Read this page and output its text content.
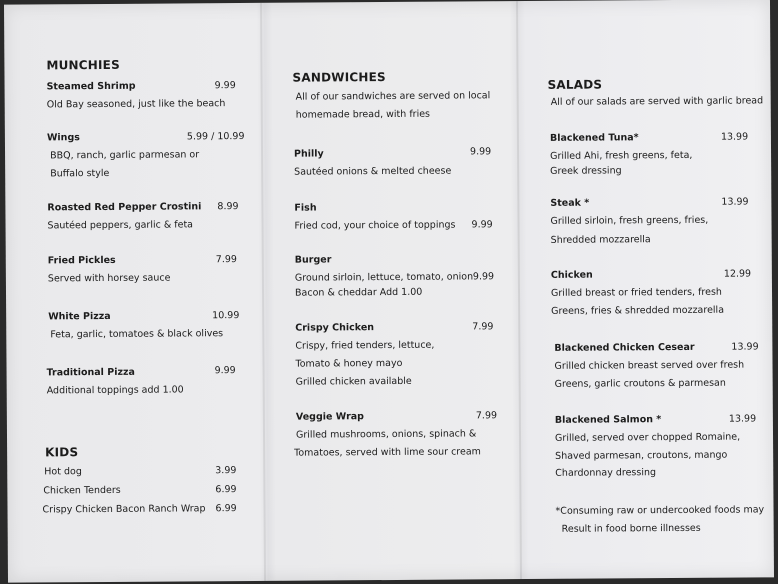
MUNCHIES
Steamed Shrimp	9.99
Old Bay seasoned, just like the beach
Wings	5.99 / 10.99
BBQ, ranch, garlic parmesan or
Buffalo style
Roasted Red Pepper Crostini 8.99
Sautéed peppers, garlic & feta
Fried Pickles	7.99
Served with horsey sauce
White Pizza	10.99
Feta, garlic, tomatoes & black olives
Traditional Pizza	9.99
Additional toppings add 1.00
KIDS
Hot dog	3.99
Chicken Tenders	6.99
Crispy Chicken Bacon Ranch Wrap 6.99
SANDWICHES
All of our sandwiches are served on local
homemade bread, with fries
Philly	9.99
Sautéed onions & melted cheese
Fish
Fried cod, your choice of toppings 9.99
Burger
Ground sirloin, lettuce, tomato, onion 9.99
Bacon & cheddar Add 1.00
Crispy Chicken	7.99
Crispy, fried tenders, lettuce,
Tomato & honey mayo
Grilled chicken available
Veggie Wrap	7.99
Grilled mushrooms, onions, spinach &
Tomatoes, served with lime sour cream
SALADS
All of our salads are served with garlic bread
Blackened Tuna*	13.99
Grilled Ahi, fresh greens, feta,
Greek dressing
Steak *	13.99
Grilled sirloin, fresh greens, fries,
Shredded mozzarella
Chicken	12.99
Grilled breast or fried tenders, fresh
Greens, fries & shredded mozzarella
Blackened Chicken Cesear	13.99
Grilled chicken breast served over fresh
Greens, garlic croutons & parmesan
Blackened Salmon *	13.99
Grilled, served over chopped Romaine,
Shaved parmesan, croutons, mango
Chardonnay dressing
*Consuming raw or undercooked foods may
Result in food borne illnesses
